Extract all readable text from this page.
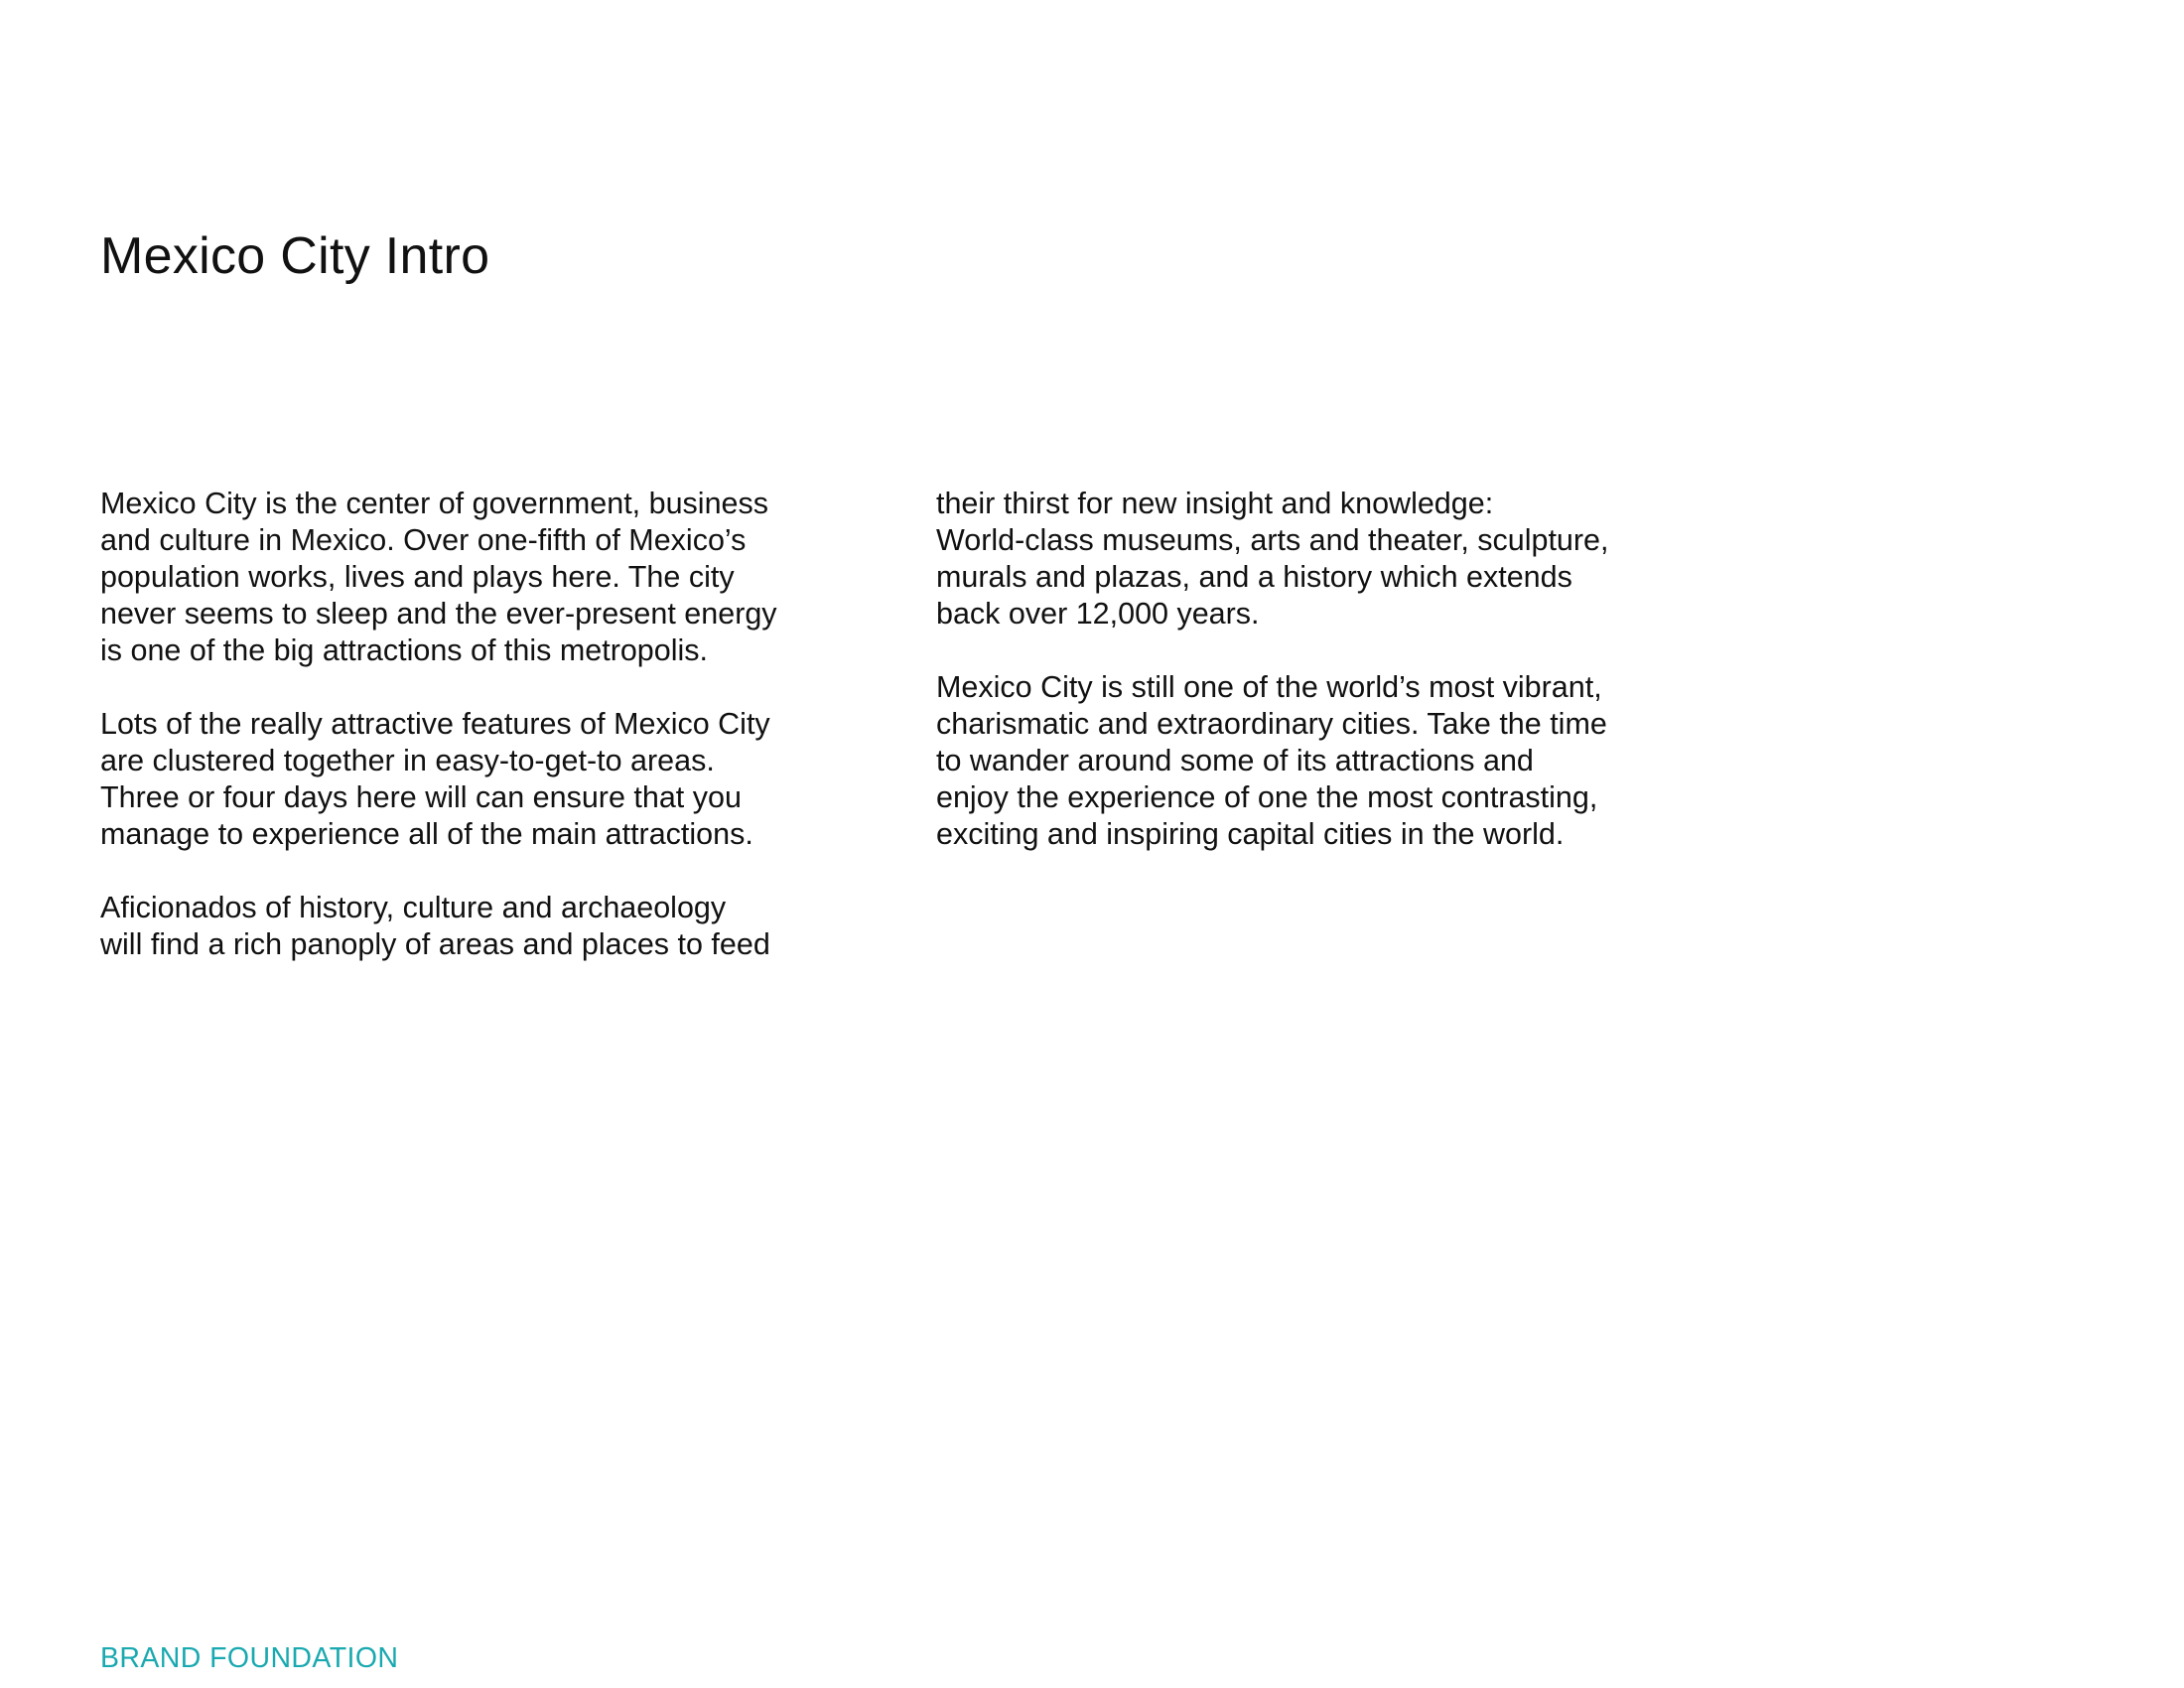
Mexico City Intro

Mexico City is the center of government, business
and culture in Mexico. Over one-fifth of Mexico’s
population works, lives and plays here. The city
never seems to sleep and the ever-present energy
is one of the big attractions of this metropolis.

Lots of the really attractive features of Mexico City
are clustered together in easy-to-get-to areas.
Three or four days here will can ensure that you
manage to experience all of the main attractions.

Aficionados of history, culture and archaeology
will find a rich panoply of areas and places to feed

their thirst for new insight and knowledge:
World-class museums, arts and theater, sculpture,
murals and plazas, and a history which extends
back over 12,000 years.

Mexico City is still one of the world’s most vibrant,
charismatic and extraordinary cities. Take the time
to wander around some of its attractions and
enjoy the experience of one the most contrasting,
exciting and inspiring capital cities in the world.

BRAND FOUNDATION
